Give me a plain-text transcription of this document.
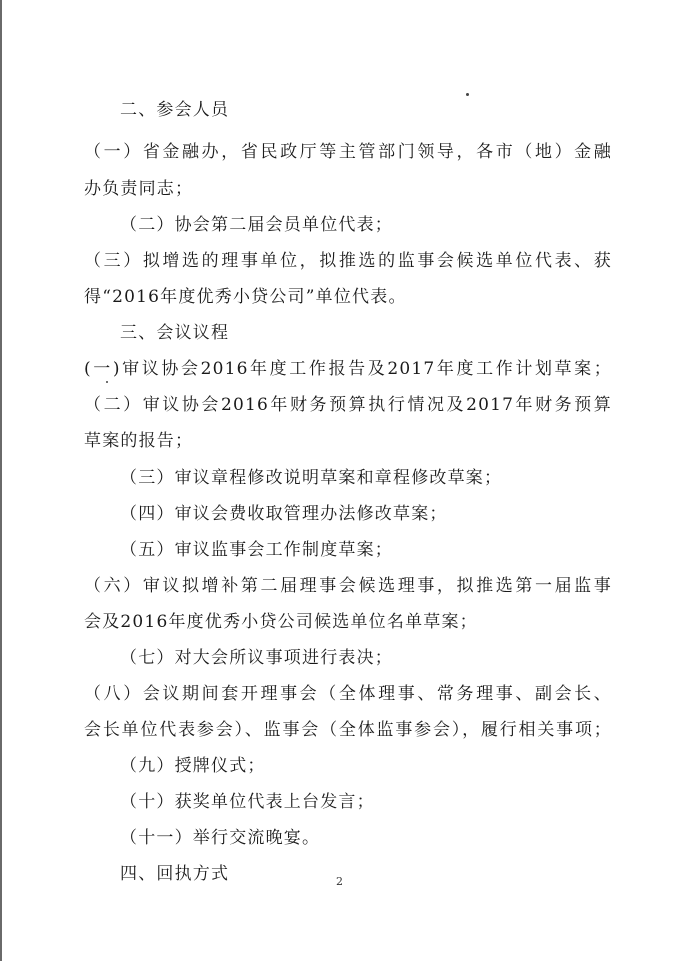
二、参会人员
（一）省金融办，省民政厅等主管部门领导，各市（地）金融
办负责同志；
（二）协会第二届会员单位代表；
（三）拟增选的理事单位，拟推选的监事会候选单位代表、获
得“2016年度优秀小贷公司”单位代表。
三、会议议程
(一)审议协会2016年度工作报告及2017年度工作计划草案；
（二）审议协会2016年财务预算执行情况及2017年财务预算
草案的报告；
（三）审议章程修改说明草案和章程修改草案；
（四）审议会费收取管理办法修改草案；
（五）审议监事会工作制度草案；
（六）审议拟增补第二届理事会候选理事，拟推选第一届监事
会及2016年度优秀小贷公司候选单位名单草案；
（七）对大会所议事项进行表决；
（八）会议期间套开理事会（全体理事、常务理事、副会长、
会长单位代表参会）、监事会（全体监事参会），履行相关事项；
（九）授牌仪式；
（十）获奖单位代表上台发言；
（十一）举行交流晚宴。
四、回执方式	2
